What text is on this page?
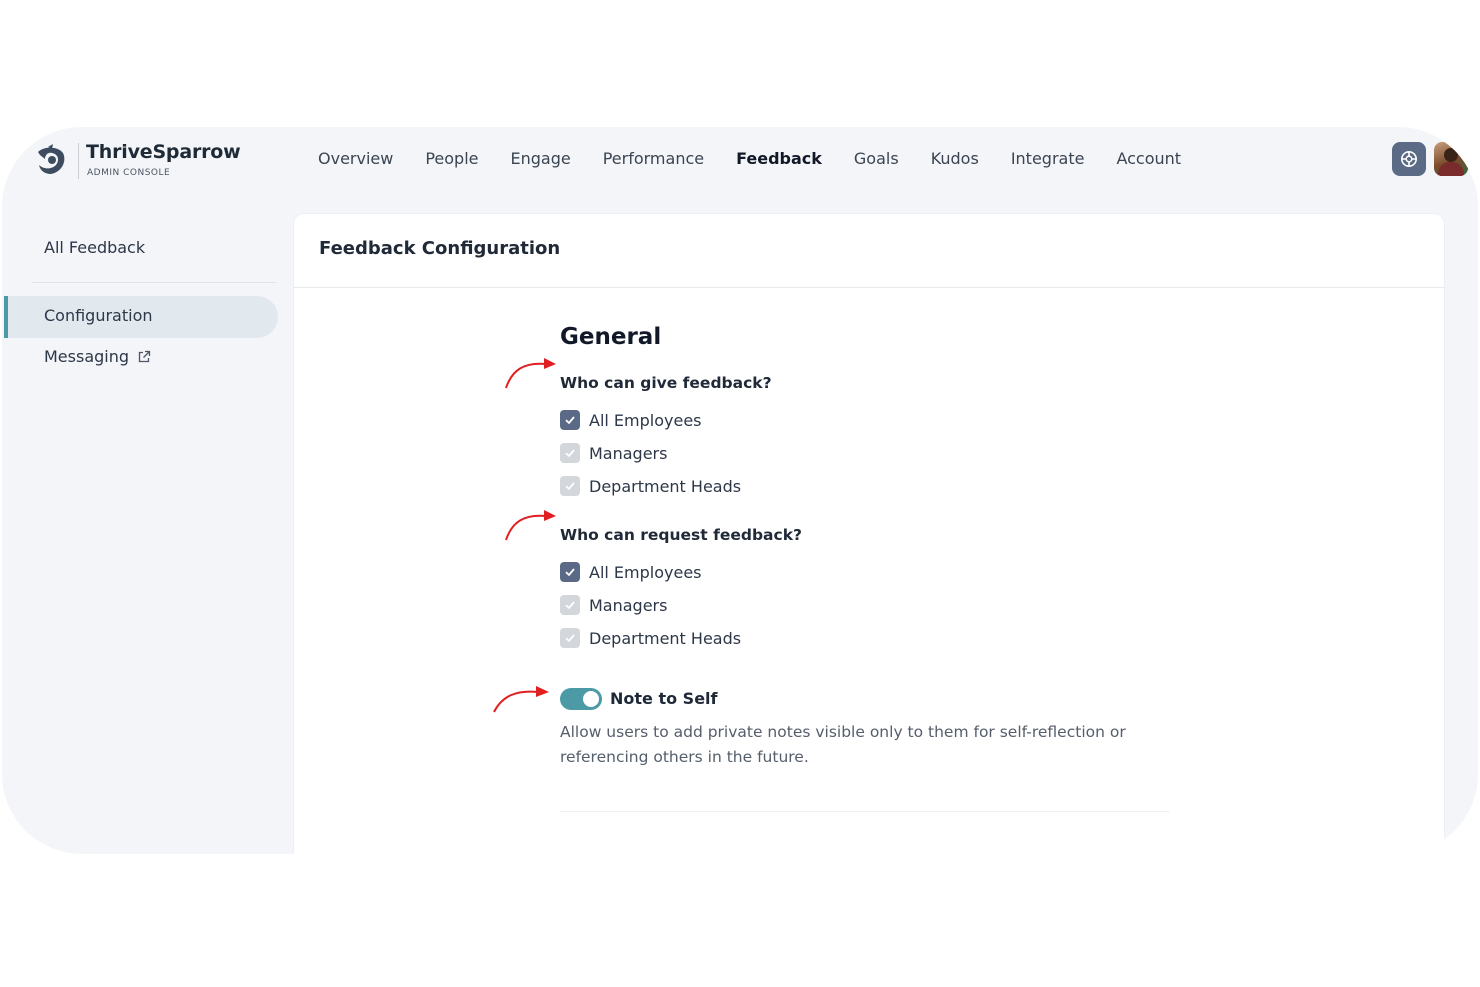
ThriveSparrow
ADMIN CONSOLE
Overview People Engage Performance Feedback Goals Kudos Integrate Account
All Feedback
Configuration
Messaging
Feedback Configuration
General
Who can give feedback?
All Employees
Managers
Department Heads
Who can request feedback?
All Employees
Managers
Department Heads
Note to Self
Allow users to add private notes visible only to them for self-reflection or referencing others in the future.
